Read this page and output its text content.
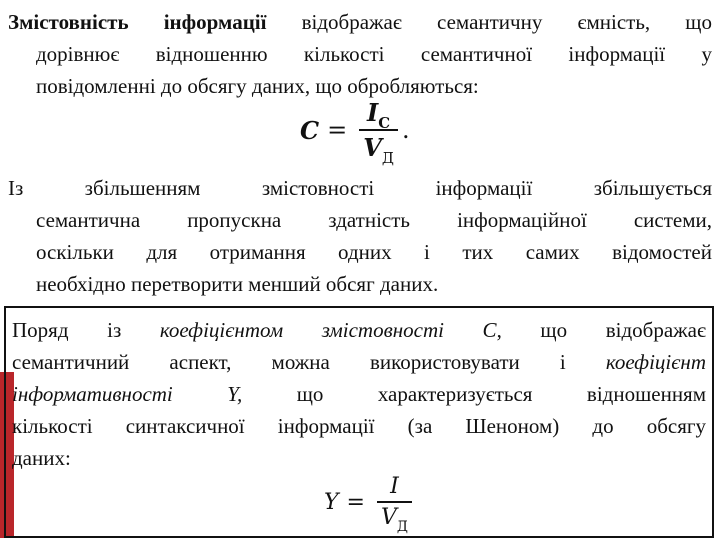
Змістовність інформації відображає семантичну ємність, що
дорівнює відношенню кількості семантичної інформації у
повідомленні до обсягу даних, що обробляються:
$C = \frac{I_C}{V_Д}$ .
Із збільшенням змістовності інформації збільшується
семантична пропускна здатність інформаційної системи,
оскільки для отримання одних і тих самих відомостей
необхідно перетворити менший обсяг даних.
Поряд із коефіцієнтом змістовності C, що відображає
семантичний аспект, можна використовувати і коефіцієнт
інформативності Y, що характеризується відношенням
кількості синтаксичної інформації (за Шеноном) до обсягу
даних:
$Y = \frac{I}{V_Д}$
